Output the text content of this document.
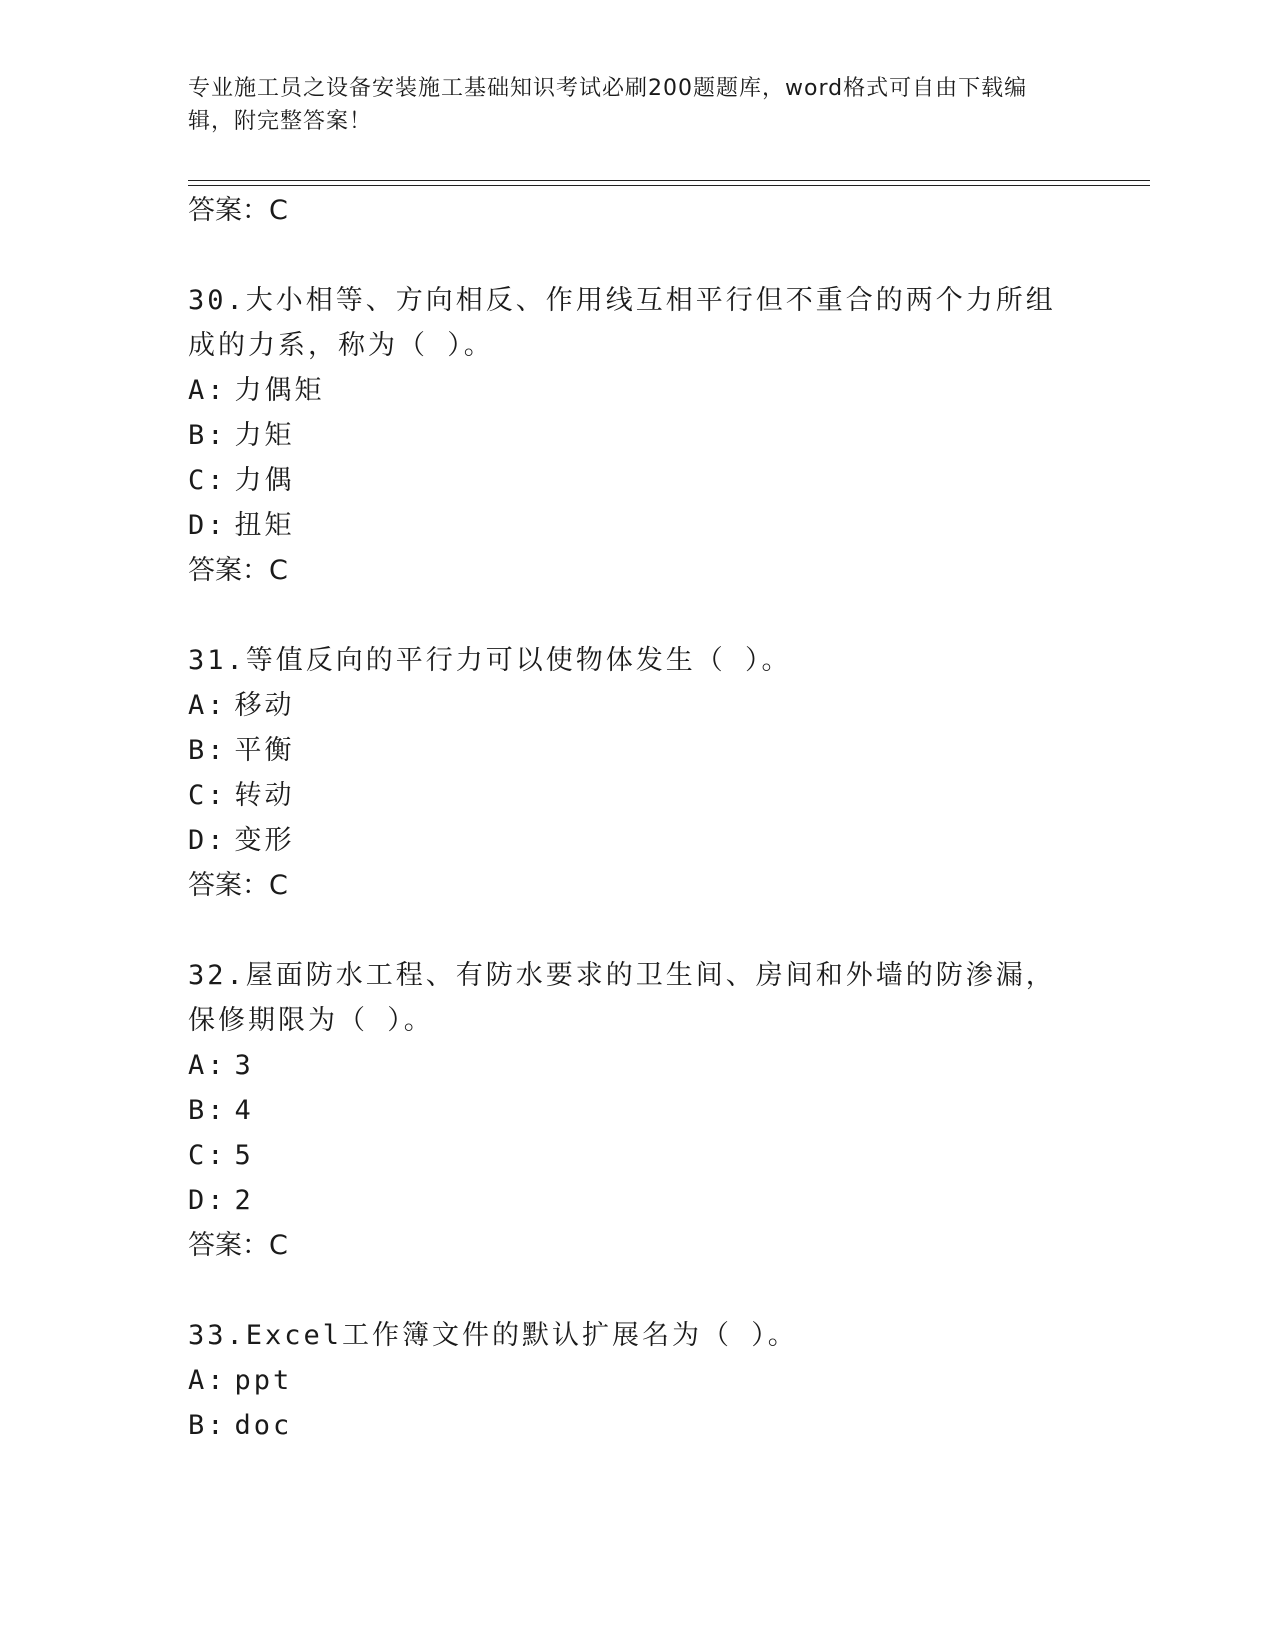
专业施工员之设备安装施工基础知识考试必刷200题题库，word格式可自由下载编辑，附完整答案！

答案：C

30.大小相等、方向相反、作用线互相平行但不重合的两个力所组成的力系，称为（ ）。

A: 力偶矩

B: 力矩

C: 力偶

D: 扭矩

答案：C

31.等值反向的平行力可以使物体发生（ ）。

A: 移动

B: 平衡

C: 转动

D: 变形

答案：C

32.屋面防水工程、有防水要求的卫生间、房间和外墙的防渗漏，保修期限为（ ）。

A: 3

B: 4

C: 5

D: 2

答案：C

33.Excel工作簿文件的默认扩展名为（ ）。

A: ppt

B: doc
